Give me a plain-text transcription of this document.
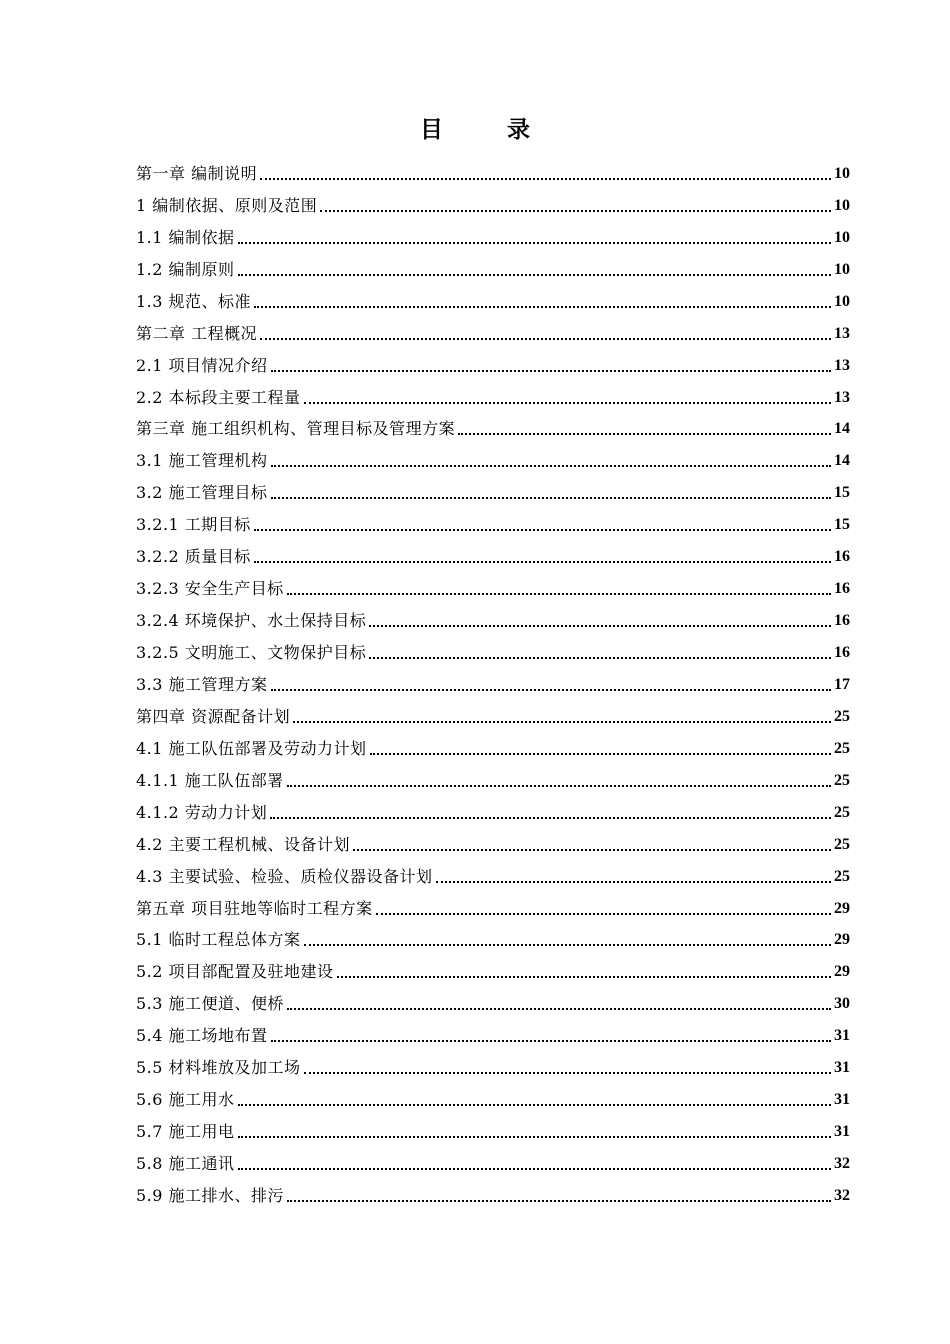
目 录
第一章 编制说明	10
1 编制依据、原则及范围	10
1.1 编制依据	10
1.2 编制原则	10
1.3 规范、标准	10
第二章 工程概况	13
2.1 项目情况介绍	13
2.2 本标段主要工程量	13
第三章 施工组织机构、管理目标及管理方案	14
3.1 施工管理机构	14
3.2 施工管理目标	15
3.2.1 工期目标	15
3.2.2 质量目标	16
3.2.3 安全生产目标	16
3.2.4 环境保护、水土保持目标	16
3.2.5 文明施工、文物保护目标	16
3.3 施工管理方案	17
第四章 资源配备计划	25
4.1 施工队伍部署及劳动力计划	25
4.1.1 施工队伍部署	25
4.1.2 劳动力计划	25
4.2 主要工程机械、设备计划	25
4.3 主要试验、检验、质检仪器设备计划	25
第五章 项目驻地等临时工程方案	29
5.1 临时工程总体方案	29
5.2 项目部配置及驻地建设	29
5.3 施工便道、便桥	30
5.4 施工场地布置	31
5.5 材料堆放及加工场	31
5.6 施工用水	31
5.7 施工用电	31
5.8 施工通讯	32
5.9 施工排水、排污	32
